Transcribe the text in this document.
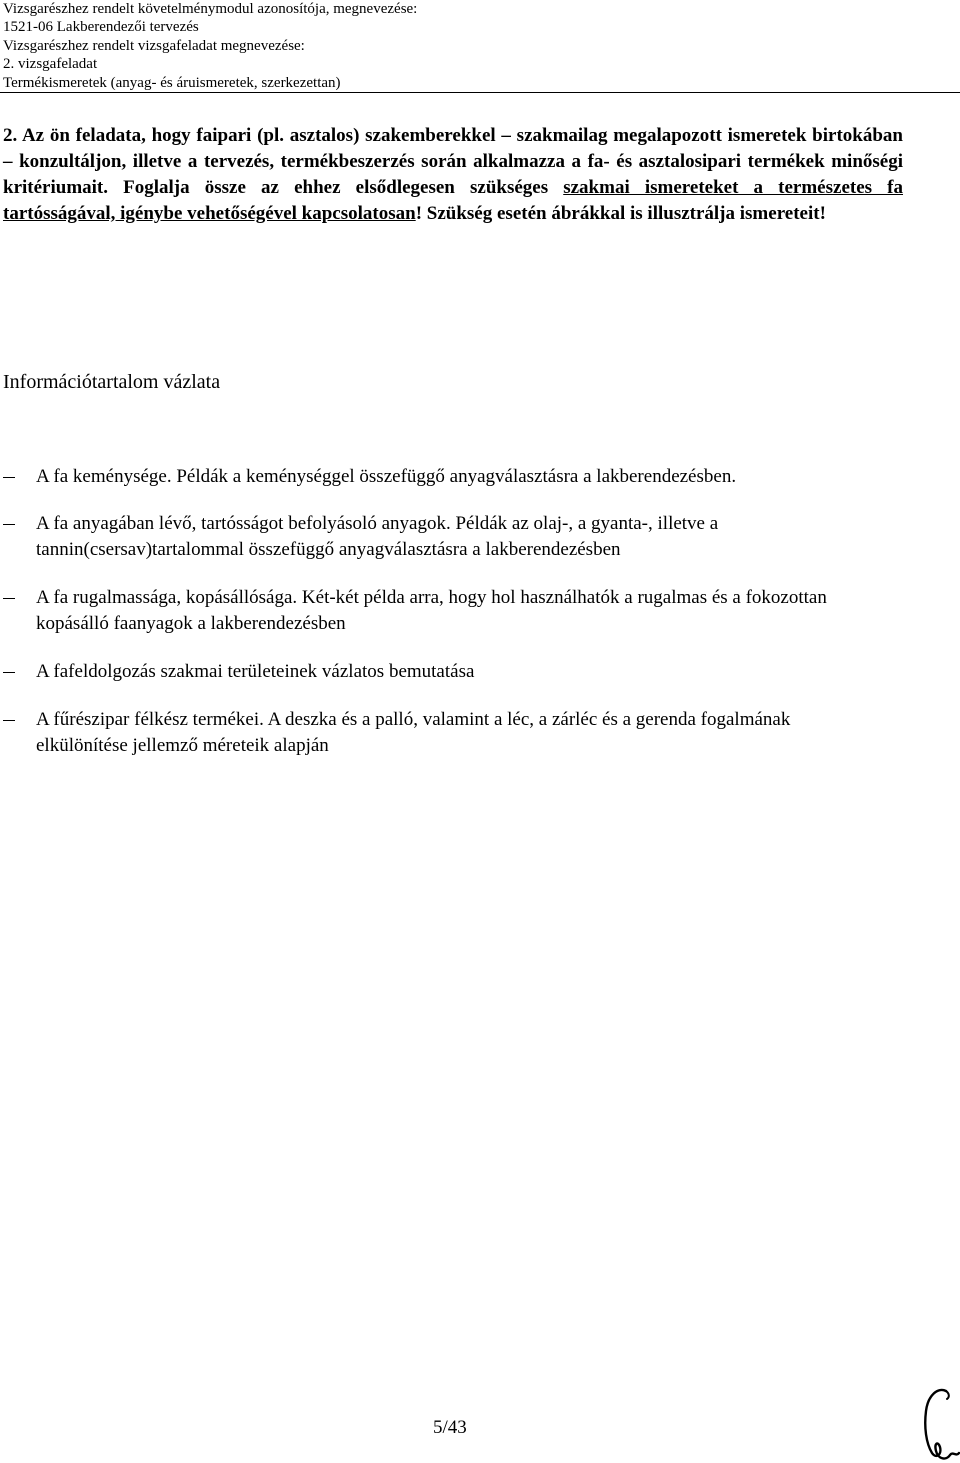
Vizsgarészhez rendelt követelménymodul azonosítója, megnevezése:
1521-06 Lakberendezői tervezés
Vizsgarészhez rendelt vizsgafeladat megnevezése:
2. vizsgafeladat
Termékismeretek (anyag- és áruismeretek, szerkezettan)

2. Az ön feladata, hogy faipari (pl. asztalos) szakemberekkel ‒ szakmailag megalapozott ismeretek birtokában ‒ konzultáljon, illetve a tervezés, termékbeszerzés során alkalmazza a fa- és asztalosipari termékek minőségi kritériumait. Foglalja össze az ehhez elsődlegesen szükséges szakmai ismereteket a természetes fa tartósságával, igénybe vehetőségével kapcsolatosan! Szükség esetén ábrákkal is illusztrálja ismereteit!

Információtartalom vázlata
A fa keménysége. Példák a keménységgel összefüggő anyagválasztásra a lakberendezésben.
A fa anyagában lévő, tartósságot befolyásoló anyagok. Példák az olaj-, a gyanta-, illetve a tannin(csersav)tartalommal összefüggő anyagválasztásra a lakberendezésben
A fa rugalmassága, kopásállósága. Két-két példa arra, hogy hol használhatók a rugalmas és a fokozottan kopásálló faanyagok a lakberendezésben
A fafeldolgozás szakmai területeinek vázlatos bemutatása
A fűrészipar félkész termékei. A deszka és a palló, valamint a léc, a zárléc és a gerenda fogalmának elkülönítése jellemző méreteik alapján
5/43
